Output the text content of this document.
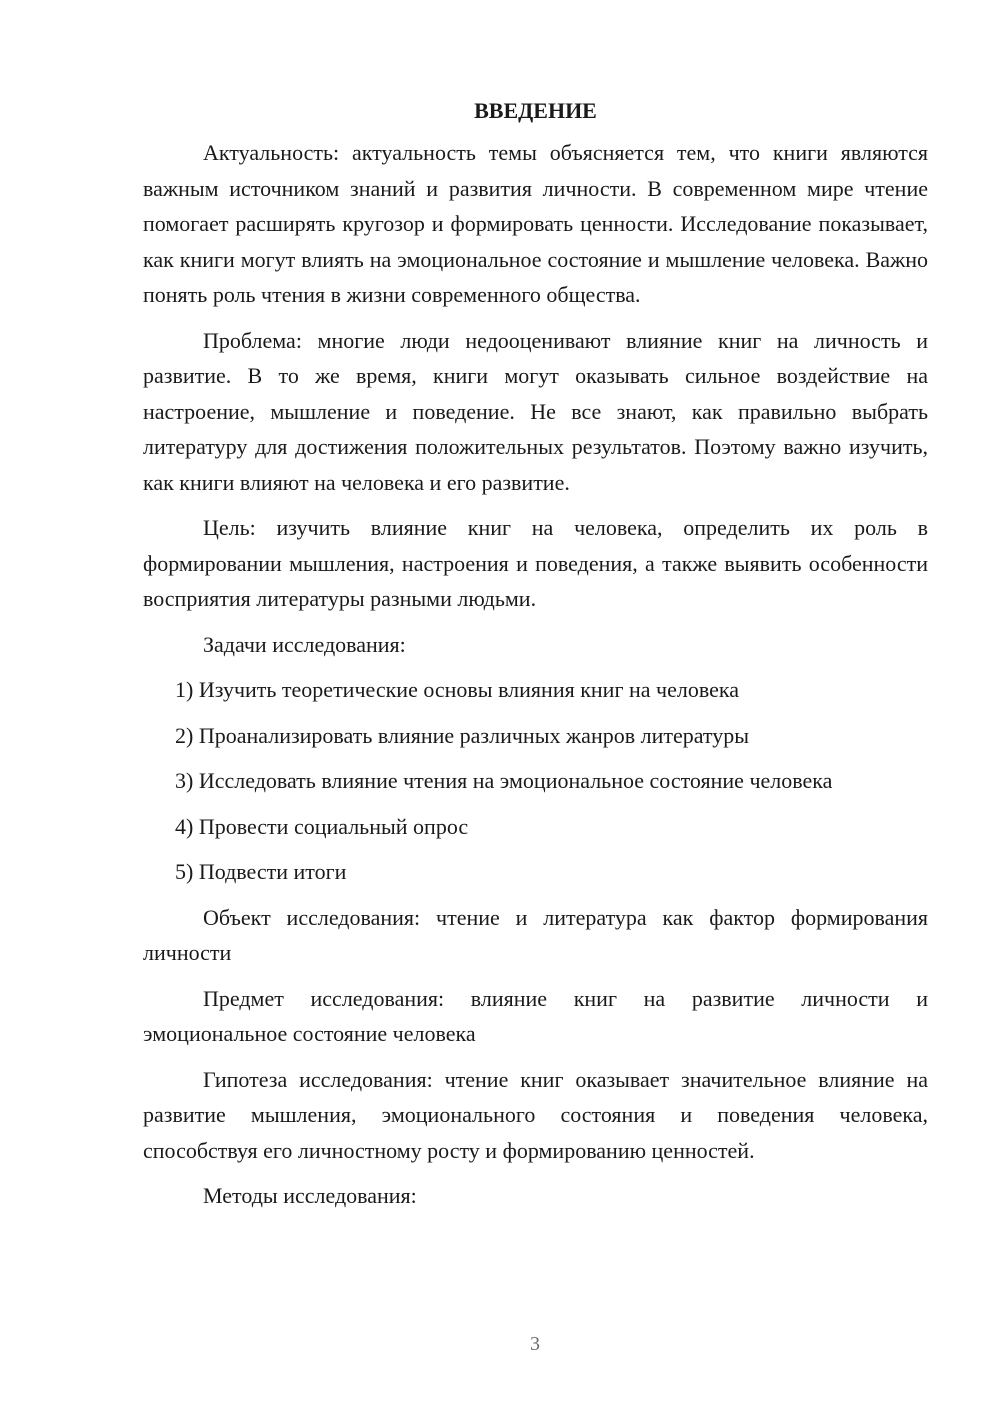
ВВЕДЕНИЕ

Актуальность: актуальность темы объясняется тем, что книги являются важным источником знаний и развития личности. В современном мире чтение помогает расширять кругозор и формировать ценности. Исследование показывает, как книги могут влиять на эмоциональное состояние и мышление человека. Важно понять роль чтения в жизни современного общества.

Проблема: многие люди недооценивают влияние книг на личность и развитие. В то же время, книги могут оказывать сильное воздействие на настроение, мышление и поведение. Не все знают, как правильно выбрать литературу для достижения положительных результатов. Поэтому важно изучить, как книги влияют на человека и его развитие.

Цель: изучить влияние книг на человека, определить их роль в формировании мышления, настроения и поведения, а также выявить особенности восприятия литературы разными людьми.

Задачи исследования:

1) Изучить теоретические основы влияния книг на человека
2) Проанализировать влияние различных жанров литературы
3) Исследовать влияние чтения на эмоциональное состояние человека
4) Провести социальный опрос
5) Подвести итоги

Объект исследования: чтение и литература как фактор формирования личности

Предмет исследования: влияние книг на развитие личности и эмоциональное состояние человека

Гипотеза исследования: чтение книг оказывает значительное влияние на развитие мышления, эмоционального состояния и поведения человека, способствуя его личностному росту и формированию ценностей.

Методы исследования:

3
